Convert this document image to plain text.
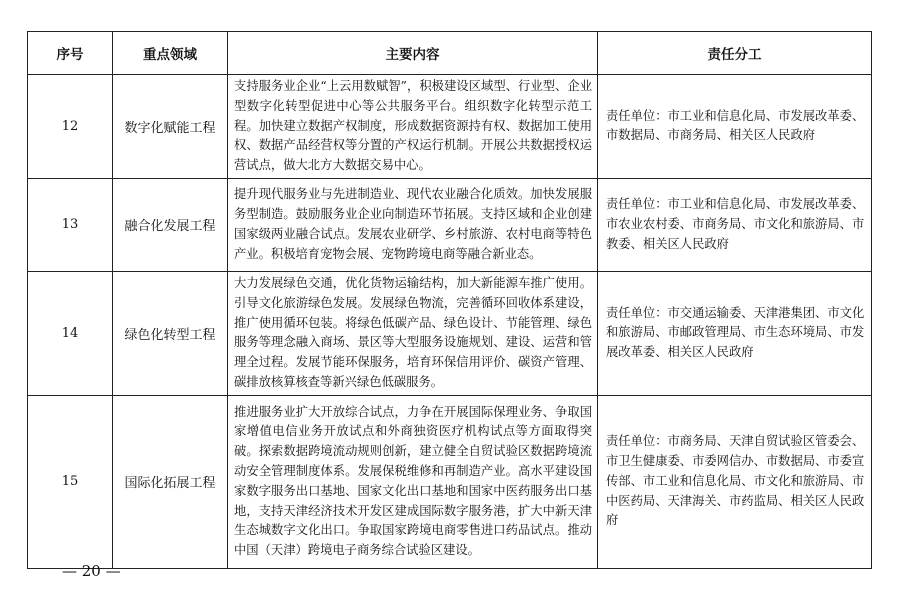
序号	重点领域	主要内容	责任分工
12	数字化赋能工程	支持服务业企业“上云用数赋智”，积极建设区域型、行业型、企业型数字化转型促进中心等公共服务平台。组织数字化转型示范工程。加快建立数据产权制度，形成数据资源持有权、数据加工使用权、数据产品经营权等分置的产权运行机制。开展公共数据授权运营试点，做大北方大数据交易中心。	责任单位：市工业和信息化局、市发展改革委、市数据局、市商务局、相关区人民政府
13	融合化发展工程	提升现代服务业与先进制造业、现代农业融合化质效。加快发展服务型制造。鼓励服务业企业向制造环节拓展。支持区域和企业创建国家级两业融合试点。发展农业研学、乡村旅游、农村电商等特色产业。积极培育宠物会展、宠物跨境电商等融合新业态。	责任单位：市工业和信息化局、市发展改革委、市农业农村委、市商务局、市文化和旅游局、市教委、相关区人民政府
14	绿色化转型工程	大力发展绿色交通，优化货物运输结构，加大新能源车推广使用。引导文化旅游绿色发展。发展绿色物流，完善循环回收体系建设，推广使用循环包装。将绿色低碳产品、绿色设计、节能管理、绿色服务等理念融入商场、景区等大型服务设施规划、建设、运营和管理全过程。发展节能环保服务，培育环保信用评价、碳资产管理、碳排放核算核查等新兴绿色低碳服务。	责任单位：市交通运输委、天津港集团、市文化和旅游局、市邮政管理局、市生态环境局、市发展改革委、相关区人民政府
15	国际化拓展工程	推进服务业扩大开放综合试点，力争在开展国际保理业务、争取国家增值电信业务开放试点和外商独资医疗机构试点等方面取得突破。探索数据跨境流动规则创新，建立健全自贸试验区数据跨境流动安全管理制度体系。发展保税维修和再制造产业。高水平建设国家数字服务出口基地、国家文化出口基地和国家中医药服务出口基地，支持天津经济技术开发区建成国际数字服务港，扩大中新天津生态城数字文化出口。争取国家跨境电商零售进口药品试点。推动中国（天津）跨境电子商务综合试验区建设。	责任单位：市商务局、天津自贸试验区管委会、市卫生健康委、市委网信办、市数据局、市委宣传部、市工业和信息化局、市文化和旅游局、市中医药局、天津海关、市药监局、相关区人民政府
— 20 —
